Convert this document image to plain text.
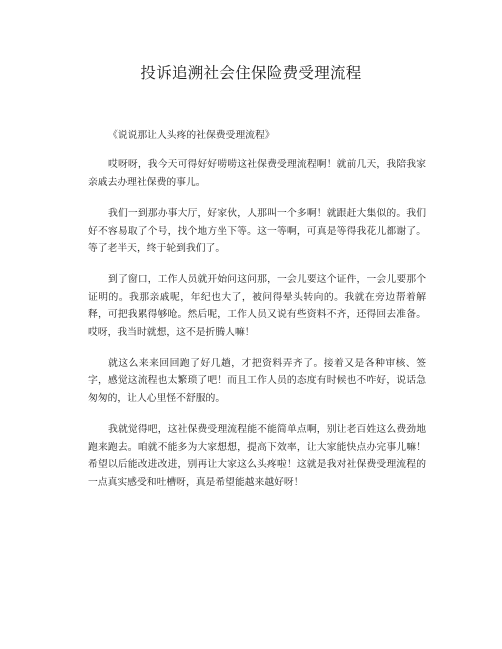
投诉追溯社会住保险费受理流程

《说说那让人头疼的社保费受理流程》

哎呀呀，我今天可得好好唠唠这社保费受理流程啊！就前几天，我陪我家亲戚去办理社保费的事儿。

我们一到那办事大厅，好家伙，人那叫一个多啊！就跟赶大集似的。我们好不容易取了个号，找个地方坐下等。这一等啊，可真是等得我花儿都谢了。等了老半天，终于轮到我们了。

到了窗口，工作人员就开始问这问那，一会儿要这个证件，一会儿要那个证明的。我那亲戚呢，年纪也大了，被问得晕头转向的。我就在旁边帮着解释，可把我累得够呛。然后呢，工作人员又说有些资料不齐，还得回去准备。哎呀，我当时就想，这不是折腾人嘛！

就这么来来回回跑了好几趟，才把资料弄齐了。接着又是各种审核、签字，感觉这流程也太繁琐了吧！而且工作人员的态度有时候也不咋好，说话急匆匆的，让人心里怪不舒服的。

我就觉得吧，这社保费受理流程能不能简单点啊，别让老百姓这么费劲地跑来跑去。咱就不能多为大家想想，提高下效率，让大家能快点办完事儿嘛！希望以后能改进改进，别再让大家这么头疼啦！这就是我对社保费受理流程的一点真实感受和吐槽呀，真是希望能越来越好呀！
